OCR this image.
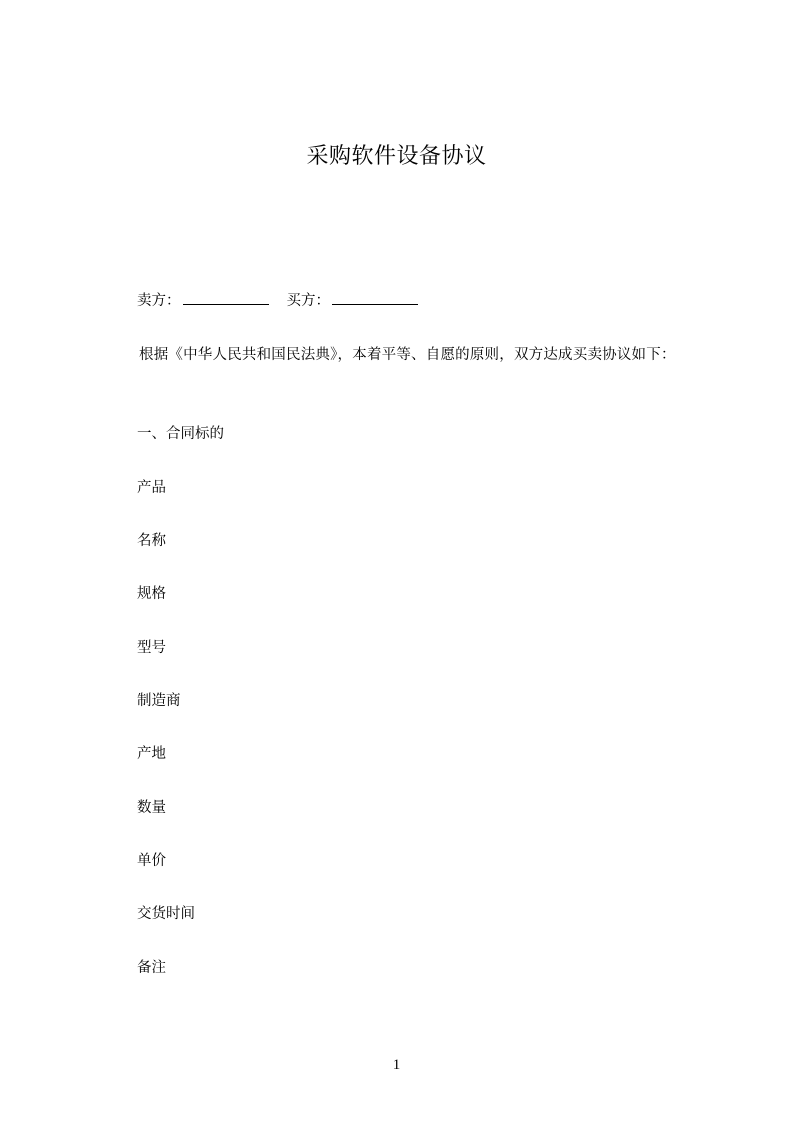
采购软件设备协议
卖方：	买方：
根据《中华人民共和国民法典》，本着平等、自愿的原则，双方达成买卖协议如下：
一、合同标的
产品
名称
规格
型号
制造商
产地
数量
单价
交货时间
备注
1
